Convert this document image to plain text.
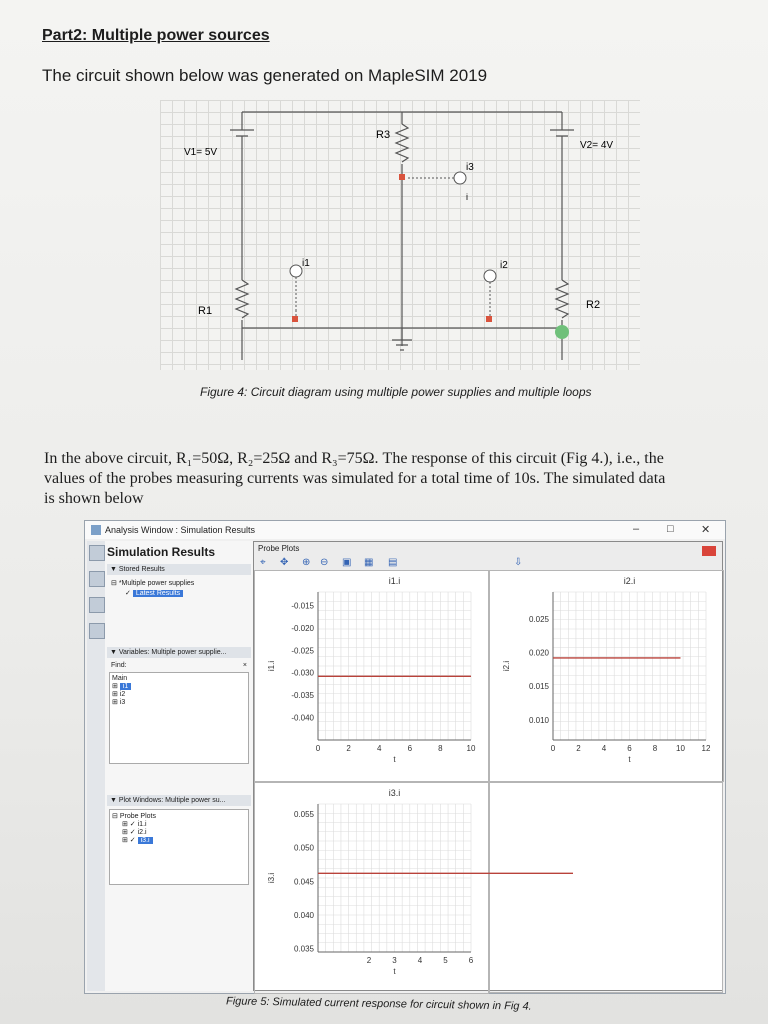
Part2: Multiple power sources
The circuit shown below was generated on MapleSIM 2019
V1= 5V
V2= 4V
R1	R2
R3
i1	i2
i3
i
Figure 4: Circuit diagram using multiple power supplies and multiple loops
In the above circuit, R₁=50Ω, R₂=25Ω and R₃=75Ω. The response of this circuit (Fig 4.), i.e., the
values of the probes measuring currents was simulated for a total time of 10s. The simulated data
is shown below
Analysis Window : Simulation Results	–	□ ✕
Simulation Results
▼ Stored Results
⊟ *Multiple power supplies
✓ Latest Results
▼ Variables: Multiple power supplie...
Find:	×
Main
⊞ i1
⊞ i2
⊞ i3
▼ Plot Windows: Multiple power su...
⊟ Probe Plots
⊞ ✓ i1.i
⊞ ✓ i2.i
⊞ ✓ i3.i
Probe Plots
⌖ ✥ ⊕ ⊖ ▣ ▦ ▤	⇩
-0.015
-0.020
-0.025
-0.030
-0.035
-0.040
0	2	4	6	8	10
i1.i
t
i1.i
0.025
0.020
0.015
0.010
0	2	4	6	8 10 12
i2.i
t
i2.i
0.055
0.050
0.045
0.040
0.035
2	3	4	5	6
i3.i
t
i3.i
Figure 5: Simulated current response for circuit shown in Fig 4.
